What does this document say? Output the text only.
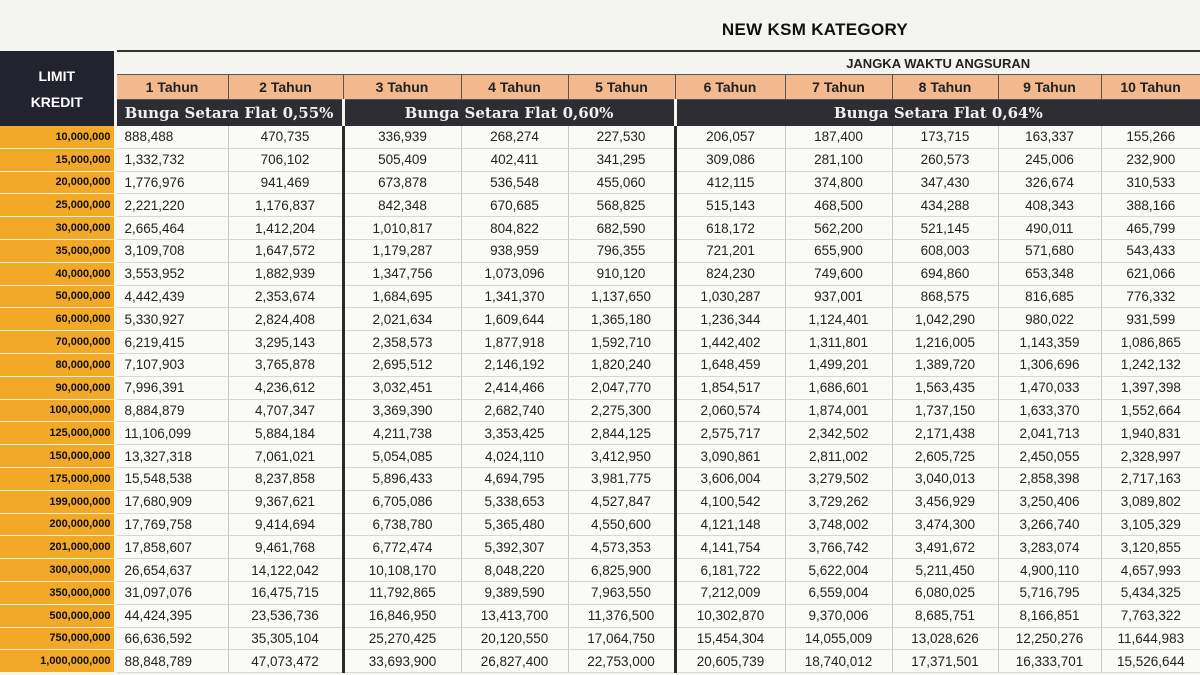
NEW KSM KATEGORY
LIMIT
KREDIT	JANGKA WAKTU ANGSURAN									
	1 Tahun	2 Tahun	3 Tahun	4 Tahun	5 Tahun	6 Tahun	7 Tahun	8 Tahun	9 Tahun	10 Tahun
	Bunga Setara Flat 0,55%		Bunga Setara Flat 0,60%			Bunga Setara Flat 0,64%				
10,000,000	888,488	470,735	336,939	268,274	227,530	206,057	187,400	173,715	163,337	155,266
15,000,000	1,332,732	706,102	505,409	402,411	341,295	309,086	281,100	260,573	245,006	232,900
20,000,000	1,776,976	941,469	673,878	536,548	455,060	412,115	374,800	347,430	326,674	310,533
25,000,000	2,221,220	1,176,837	842,348	670,685	568,825	515,143	468,500	434,288	408,343	388,166
30,000,000	2,665,464	1,412,204	1,010,817	804,822	682,590	618,172	562,200	521,145	490,011	465,799
35,000,000	3,109,708	1,647,572	1,179,287	938,959	796,355	721,201	655,900	608,003	571,680	543,433
40,000,000	3,553,952	1,882,939	1,347,756	1,073,096	910,120	824,230	749,600	694,860	653,348	621,066
50,000,000	4,442,439	2,353,674	1,684,695	1,341,370	1,137,650	1,030,287	937,001	868,575	816,685	776,332
60,000,000	5,330,927	2,824,408	2,021,634	1,609,644	1,365,180	1,236,344	1,124,401	1,042,290	980,022	931,599
70,000,000	6,219,415	3,295,143	2,358,573	1,877,918	1,592,710	1,442,402	1,311,801	1,216,005	1,143,359	1,086,865
80,000,000	7,107,903	3,765,878	2,695,512	2,146,192	1,820,240	1,648,459	1,499,201	1,389,720	1,306,696	1,242,132
90,000,000	7,996,391	4,236,612	3,032,451	2,414,466	2,047,770	1,854,517	1,686,601	1,563,435	1,470,033	1,397,398
100,000,000	8,884,879	4,707,347	3,369,390	2,682,740	2,275,300	2,060,574	1,874,001	1,737,150	1,633,370	1,552,664
125,000,000	11,106,099	5,884,184	4,211,738	3,353,425	2,844,125	2,575,717	2,342,502	2,171,438	2,041,713	1,940,831
150,000,000	13,327,318	7,061,021	5,054,085	4,024,110	3,412,950	3,090,861	2,811,002	2,605,725	2,450,055	2,328,997
175,000,000	15,548,538	8,237,858	5,896,433	4,694,795	3,981,775	3,606,004	3,279,502	3,040,013	2,858,398	2,717,163
199,000,000	17,680,909	9,367,621	6,705,086	5,338,653	4,527,847	4,100,542	3,729,262	3,456,929	3,250,406	3,089,802
200,000,000	17,769,758	9,414,694	6,738,780	5,365,480	4,550,600	4,121,148	3,748,002	3,474,300	3,266,740	3,105,329
201,000,000	17,858,607	9,461,768	6,772,474	5,392,307	4,573,353	4,141,754	3,766,742	3,491,672	3,283,074	3,120,855
300,000,000	26,654,637	14,122,042	10,108,170	8,048,220	6,825,900	6,181,722	5,622,004	5,211,450	4,900,110	4,657,993
350,000,000	31,097,076	16,475,715	11,792,865	9,389,590	7,963,550	7,212,009	6,559,004	6,080,025	5,716,795	5,434,325
500,000,000	44,424,395	23,536,736	16,846,950	13,413,700	11,376,500	10,302,870	9,370,006	8,685,751	8,166,851	7,763,322
750,000,000	66,636,592	35,305,104	25,270,425	20,120,550	17,064,750	15,454,304	14,055,009	13,028,626	12,250,276	11,644,983
1,000,000,000	88,848,789	47,073,472	33,693,900	26,827,400	22,753,000	20,605,739	18,740,012	17,371,501	16,333,701	15,526,644
